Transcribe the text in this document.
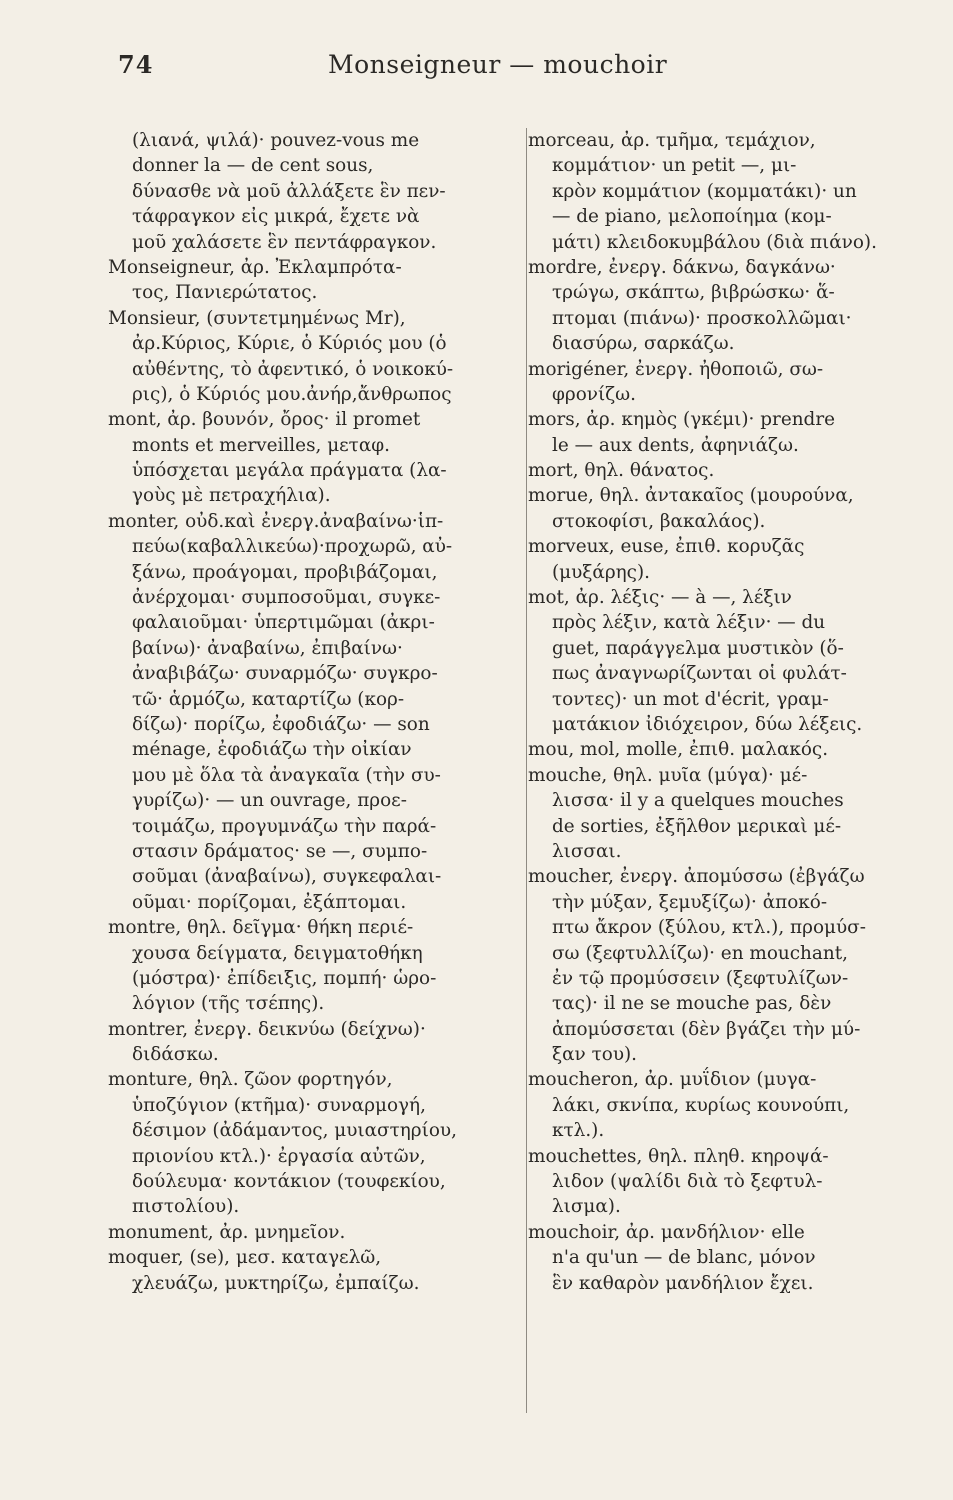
74	Monseigneur — mouchoir
(λιανά, ψιλά)· pouvez-vous me
donner la — de cent sous,
δύνασθε νὰ μοῦ ἀλλάξετε ἓν πεν-
τάφραγκον εἰς μικρά, ἔχετε νὰ
μοῦ χαλάσετε ἓν πεντάφραγκον.
Monseigneur, ἀρ. Ἐκλαμπρότα-
τος, Πανιερώτατος.
Monsieur, (συντετμημένως Mr),
ἀρ.Κύριος, Κύριε, ὁ Κύριός μου (ὁ
αὐθέντης, τὸ ἀφεντικό, ὁ νοικοκύ-
ρις), ὁ Κύριός μου.ἀνήρ,ἄνθρωπος
mont, ἀρ. βουνόν, ὄρος· il promet
monts et merveilles, μεταφ.
ὑπόσχεται μεγάλα πράγματα (λα-
γοὺς μὲ πετραχήλια).
monter, οὐδ.καὶ ἐνεργ.ἀναβαίνω·ἱπ-
πεύω(καβαλλικεύω)·προχωρῶ, αὐ-
ξάνω, προάγομαι, προβιβάζομαι,
ἀνέρχομαι· συμποσοῦμαι, συγκε-
φαλαιοῦμαι· ὑπερτιμῶμαι (ἀκρι-
βαίνω)· ἀναβαίνω, ἐπιβαίνω·
ἀναβιβάζω· συναρμόζω· συγκρο-
τῶ· ἁρμόζω, καταρτίζω (κορ-
δίζω)· πορίζω, ἐφοδιάζω· — son
ménage, ἐφοδιάζω τὴν οἰκίαν
μου μὲ ὅλα τὰ ἀναγκαῖα (τὴν συ-
γυρίζω)· — un ouvrage, προε-
τοιμάζω, προγυμνάζω τὴν παρά-
στασιν δράματος· se —, συμπο-
σοῦμαι (ἀναβαίνω), συγκεφαλαι-
οῦμαι· πορίζομαι, ἐξάπτομαι.
montre, θηλ. δεῖγμα· θήκη περιέ-
χουσα δείγματα, δειγματοθήκη
(μόστρα)· ἐπίδειξις, πομπή· ὡρο-
λόγιον (τῆς τσέπης).
montrer, ἐνεργ. δεικνύω (δείχνω)·
διδάσκω.
monture, θηλ. ζῶον φορτηγόν,
ὑποζύγιον (κτῆμα)· συναρμογή,
δέσιμον (ἀδάμαντος, μυιαστηρίου,
πριονίου κτλ.)· ἐργασία αὐτῶν,
δούλευμα· κοντάκιον (τουφεκίου,
πιστολίου).
monument, ἀρ. μνημεῖον.
moquer, (se), μεσ. καταγελῶ,
χλευάζω, μυκτηρίζω, ἐμπαίζω.
morceau, ἀρ. τμῆμα, τεμάχιον,
κομμάτιον· un petit —, μι-
κρὸν κομμάτιον (κομματάκι)· un
— de piano, μελοποίημα (κομ-
μάτι) κλειδοκυμβάλου (διὰ πιάνο).
mordre, ἐνεργ. δάκνω, δαγκάνω·
τρώγω, σκάπτω, βιβρώσκω· ἅ-
πτομαι (πιάνω)· προσκολλῶμαι·
διασύρω, σαρκάζω.
morigéner, ἐνεργ. ἠθοποιῶ, σω-
φρονίζω.
mors, ἀρ. κημὸς (γκέμι)· prendre
le — aux dents, ἀφηνιάζω.
mort, θηλ. θάνατος.
morue, θηλ. ἀντακαῖος (μουρούνα,
στοκοφίσι, βακαλάος).
morveux, euse, ἐπιθ. κορυζᾶς
(μυξάρης).
mot, ἀρ. λέξις· — à —, λέξιν
πρὸς λέξιν, κατὰ λέξιν· — du
guet, παράγγελμα μυστικὸν (ὅ-
πως ἀναγνωρίζωνται οἱ φυλάτ-
τοντες)· un mot d'écrit, γραμ-
ματάκιον ἰδιόχειρον, δύω λέξεις.
mou, mol, molle, ἐπιθ. μαλακός.
mouche, θηλ. μυῖα (μύγα)· μέ-
λισσα· il y a quelques mouches
de sorties, ἐξῆλθον μερικαὶ μέ-
λισσαι.
moucher, ἐνεργ. ἀπομύσσω (ἐβγάζω
τὴν μύξαν, ξεμυξίζω)· ἀποκό-
πτω ἄκρον (ξύλου, κτλ.), προμύσ-
σω (ξεφτυλλίζω)· en mouchant,
ἐν τῷ προμύσσειν (ξεφτυλίζων-
τας)· il ne se mouche pas, δὲν
ἀπομύσσεται (δὲν βγάζει τὴν μύ-
ξαν του).
moucheron, ἀρ. μυΐδιον (μυγα-
λάκι, σκνίπα, κυρίως κουνούπι,
κτλ.).
mouchettes, θηλ. πληθ. κηροψά-
λιδον (ψαλίδι διὰ τὸ ξεφτυλ-
λισμα).
mouchoir, ἀρ. μανδήλιον· elle
n'a qu'un — de blanc, μόνον
ἓν καθαρὸν μανδήλιον ἔχει.
